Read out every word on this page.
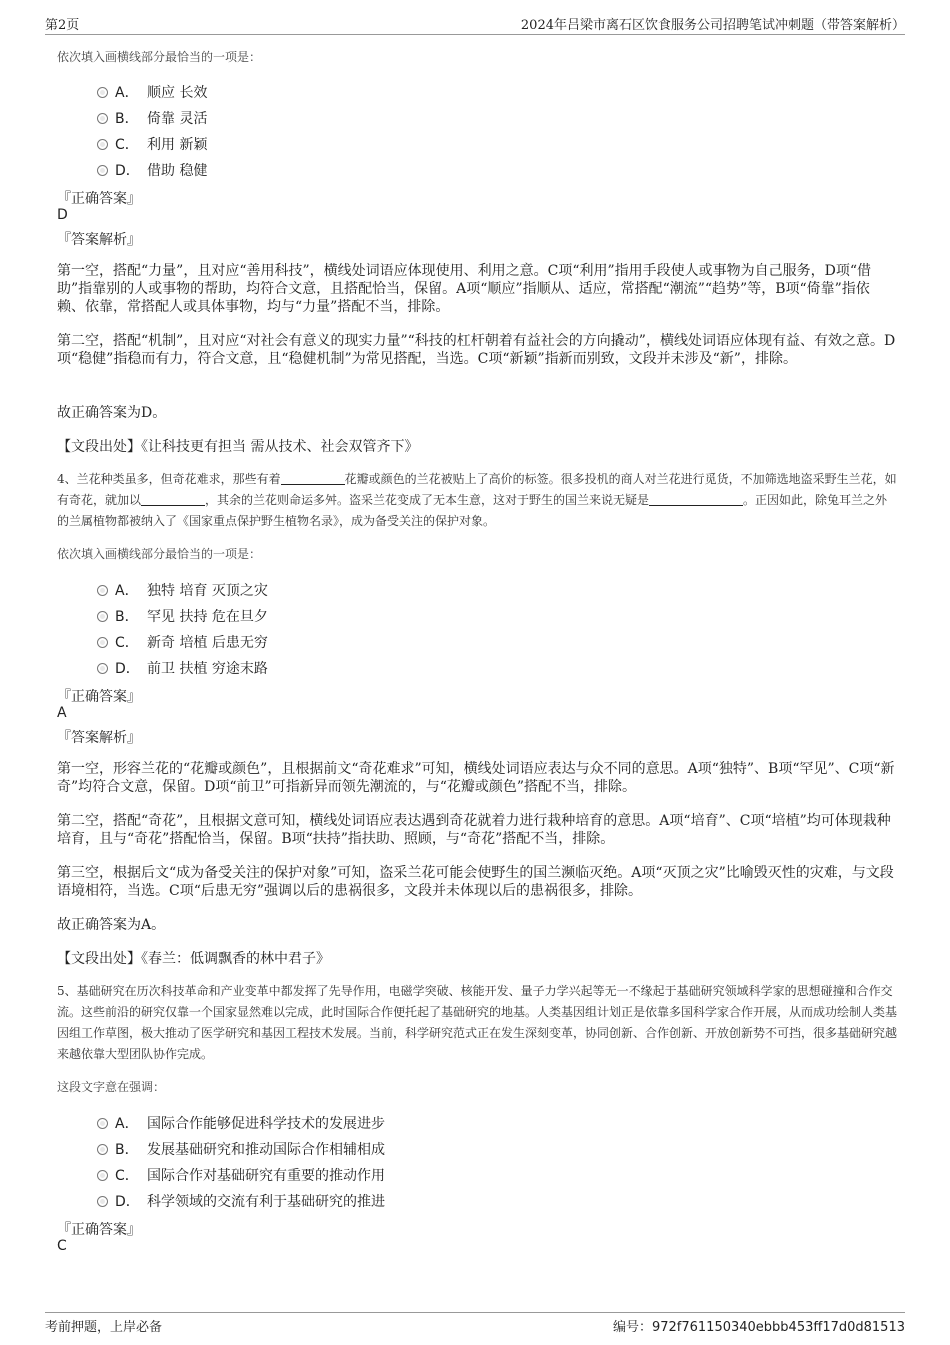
第2页	2024年吕梁市离石区饮食服务公司招聘笔试冲刺题（带答案解析）
依次填入画横线部分最恰当的一项是：
A． 顺应 长效
B． 倚靠 灵活
C． 利用 新颖
D． 借助 稳健
『正确答案』
D
『答案解析』
第一空，搭配“力量”，且对应“善用科技”，横线处词语应体现使用、利用之意。C项“利用”指用手段使人或事物为自己服务，D项“借助”指靠别的人或事物的帮助，均符合文意，且搭配恰当，保留。A项“顺应”指顺从、适应，常搭配“潮流”“趋势”等，B项“倚靠”指依赖、依靠，常搭配人或具体事物，均与“力量”搭配不当，排除。
第二空，搭配“机制”，且对应“对社会有意义的现实力量”“科技的杠杆朝着有益社会的方向撬动”，横线处词语应体现有益、有效之意。D项“稳健”指稳而有力，符合文意，且“稳健机制”为常见搭配，当选。C项“新颖”指新而别致，文段并未涉及“新”，排除。
故正确答案为D。
【文段出处】《让科技更有担当 需从技术、社会双管齐下》
4、兰花种类虽多，但奇花难求，那些有着	花瓣或颜色的兰花被贴上了高价的标签。很多投机的商人对兰花进行觅货，不加筛选地盗采野生兰花，如有奇花，就加以	，其余的兰花则命运多舛。盗采兰花变成了无本生意，这对于野生的国兰来说无疑是	。正因如此，除兔耳兰之外的兰属植物都被纳入了《国家重点保护野生植物名录》，成为备受关注的保护对象。
依次填入画横线部分最恰当的一项是：
A． 独特 培育 灭顶之灾
B． 罕见 扶持 危在旦夕
C． 新奇 培植 后患无穷
D． 前卫 扶植 穷途末路
『正确答案』
A
『答案解析』
第一空，形容兰花的“花瓣或颜色”，且根据前文“奇花难求”可知，横线处词语应表达与众不同的意思。A项“独特”、B项“罕见”、C项“新奇”均符合文意，保留。D项“前卫”可指新异而领先潮流的，与“花瓣或颜色”搭配不当，排除。
第二空，搭配“奇花”，且根据文意可知，横线处词语应表达遇到奇花就着力进行栽种培育的意思。A项“培育”、C项“培植”均可体现栽种培育，且与“奇花”搭配恰当，保留。B项“扶持”指扶助、照顾，与“奇花”搭配不当，排除。
第三空，根据后文“成为备受关注的保护对象”可知，盗采兰花可能会使野生的国兰濒临灭绝。A项“灭顶之灾”比喻毁灭性的灾难，与文段语境相符，当选。C项“后患无穷”强调以后的患祸很多，文段并未体现以后的患祸很多，排除。
故正确答案为A。
【文段出处】《春兰：低调飘香的林中君子》
5、基础研究在历次科技革命和产业变革中都发挥了先导作用，电磁学突破、核能开发、量子力学兴起等无一不缘起于基础研究领域科学家的思想碰撞和合作交流。这些前沿的研究仅靠一个国家显然难以完成，此时国际合作便托起了基础研究的地基。人类基因组计划正是依靠多国科学家合作开展，从而成功绘制人类基因组工作草图，极大推动了医学研究和基因工程技术发展。当前，科学研究范式正在发生深刻变革，协同创新、合作创新、开放创新势不可挡，很多基础研究越来越依靠大型团队协作完成。
这段文字意在强调：
A． 国际合作能够促进科学技术的发展进步
B． 发展基础研究和推动国际合作相辅相成
C． 国际合作对基础研究有重要的推动作用
D． 科学领域的交流有利于基础研究的推进
『正确答案』
C
考前押题，上岸必备	编号：972f761150340ebbb453ff17d0d81513
